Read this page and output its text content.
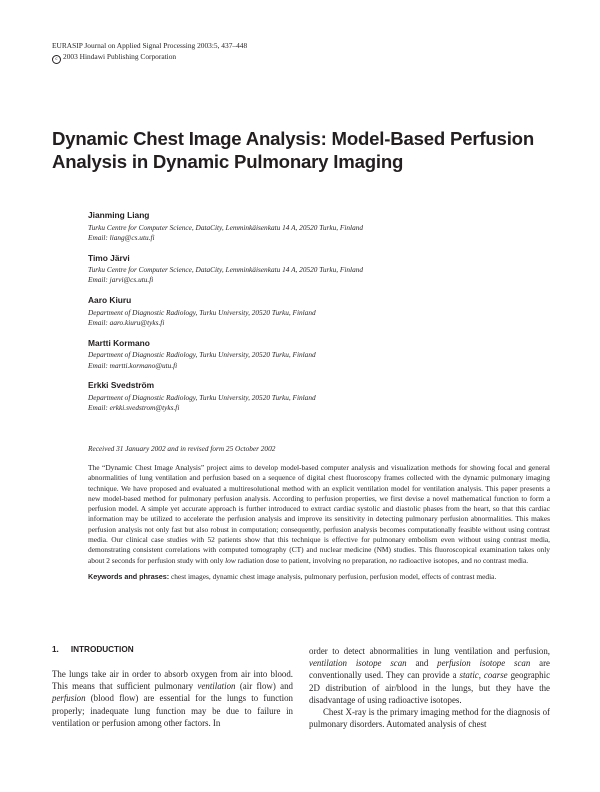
EURASIP Journal on Applied Signal Processing 2003:5, 437–448
c 2003 Hindawi Publishing Corporation
Dynamic Chest Image Analysis: Model-Based Perfusion Analysis in Dynamic Pulmonary Imaging
Jianming Liang
Turku Centre for Computer Science, DataCity, Lemminkäisenkatu 14 A, 20520 Turku, Finland
Email: liang@cs.utu.fi
Timo Järvi
Turku Centre for Computer Science, DataCity, Lemminkäisenkatu 14 A, 20520 Turku, Finland
Email: jarvi@cs.utu.fi
Aaro Kiuru
Department of Diagnostic Radiology, Turku University, 20520 Turku, Finland
Email: aaro.kiuru@tyks.fi
Martti Kormano
Department of Diagnostic Radiology, Turku University, 20520 Turku, Finland
Email: martti.kormano@utu.fi
Erkki Svedström
Department of Diagnostic Radiology, Turku University, 20520 Turku, Finland
Email: erkki.svedstrom@tyks.fi
Received 31 January 2002 and in revised form 25 October 2002
The “Dynamic Chest Image Analysis” project aims to develop model-based computer analysis and visualization methods for showing focal and general abnormalities of lung ventilation and perfusion based on a sequence of digital chest fluoroscopy frames collected with the dynamic pulmonary imaging technique. We have proposed and evaluated a multiresolutional method with an explicit ventilation model for ventilation analysis. This paper presents a new model-based method for pulmonary perfusion analysis. According to perfusion properties, we first devise a novel mathematical function to form a perfusion model. A simple yet accurate approach is further introduced to extract cardiac systolic and diastolic phases from the heart, so that this cardiac information may be utilized to accelerate the perfusion analysis and improve its sensitivity in detecting pulmonary perfusion abnormalities. This makes perfusion analysis not only fast but also robust in computation; consequently, perfusion analysis becomes computationally feasible without using contrast media. Our clinical case studies with 52 patients show that this technique is effective for pulmonary embolism even without using contrast media, demonstrating consistent correlations with computed tomography (CT) and nuclear medicine (NM) studies. This fluoroscopical examination takes only about 2 seconds for perfusion study with only low radiation dose to patient, involving no preparation, no radioactive isotopes, and no contrast media.
Keywords and phrases: chest images, dynamic chest image analysis, pulmonary perfusion, perfusion model, effects of contrast media.
1. INTRODUCTION

The lungs take air in order to absorb oxygen from air into blood. This means that sufficient pulmonary ventilation (air flow) and perfusion (blood flow) are essential for the lungs to function properly; inadequate lung function may be due to failure in ventilation or perfusion among other factors. In

order to detect abnormalities in lung ventilation and perfusion, ventilation isotope scan and perfusion isotope scan are conventionally used. They can provide a static, coarse geographic 2D distribution of air/blood in the lungs, but they have the disadvantage of using radioactive isotopes.

Chest X-ray is the primary imaging method for the diagnosis of pulmonary disorders. Automated analysis of chest
